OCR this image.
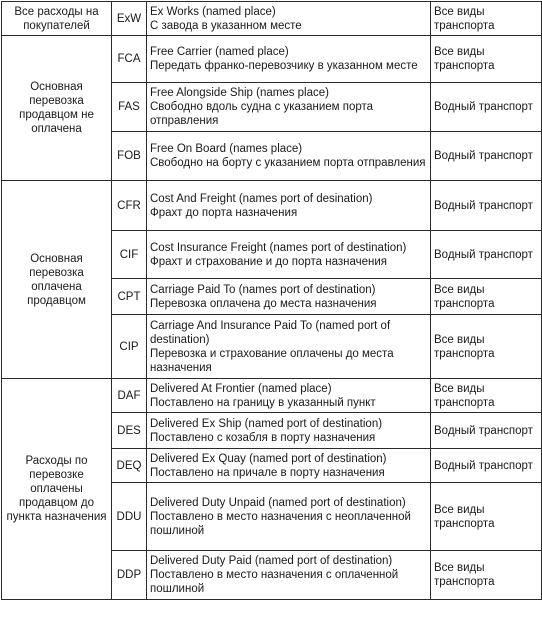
Все расходы на покупателей	ExW	Ex Works (named place)
С завода в указанном месте	Все виды транспорта
Основная перевозка продавцом не оплачена	FCA	Free Carrier (named place)
Передать франко-перевозчику в указанном месте	Все виды транспорта
	FAS	Free Alongside Ship (names place)
Свободно вдоль судна с указанием порта отправления	Водный транспорт
	FOB	Free On Board (names place)
Свободно на борту с указанием порта отправления	Водный транспорт
Основная перевозка оплачена продавцом	CFR	Cost And Freight (names port of desination)
Фрахт до порта назначения	Водный транспорт
	CIF	Cost Insurance Freight (names port of destination)
Фрахт и страхование и до порта назначения	Водный транспорт
	CPT	Carriage Paid To (names port of destination)
Перевозка оплачена до места назначения	Все виды транспорта
	CIP	Carriage And Insurance Paid To (named port of destination)
Перевозка и страхование оплачены до места назначения	Все виды транспорта
Расходы по перевозке оплачены продавцом до пункта назначения	DAF	Delivered At Frontier (named place)
Поставлено на границу в указанный пункт	Все виды транспорта
	DES	Delivered Ex Ship (named port of destination)
Поставлено с кoзабля в порту назначения	Водный транспорт
	DEQ	Delivered Ex Quay (named port of destination)
Поставлено на причале в порту назначения	Водный транспорт
	DDU	Delivered Duty Unpaid (named port of destination)
Поставлено в место назначения с неоплаченной пошлиной	Все виды транспорта
	DDP	Delivered Duty Paid (named port of destination)
Поставлено в место назначения с оплаченной пошлиной	Все виды транспорта
